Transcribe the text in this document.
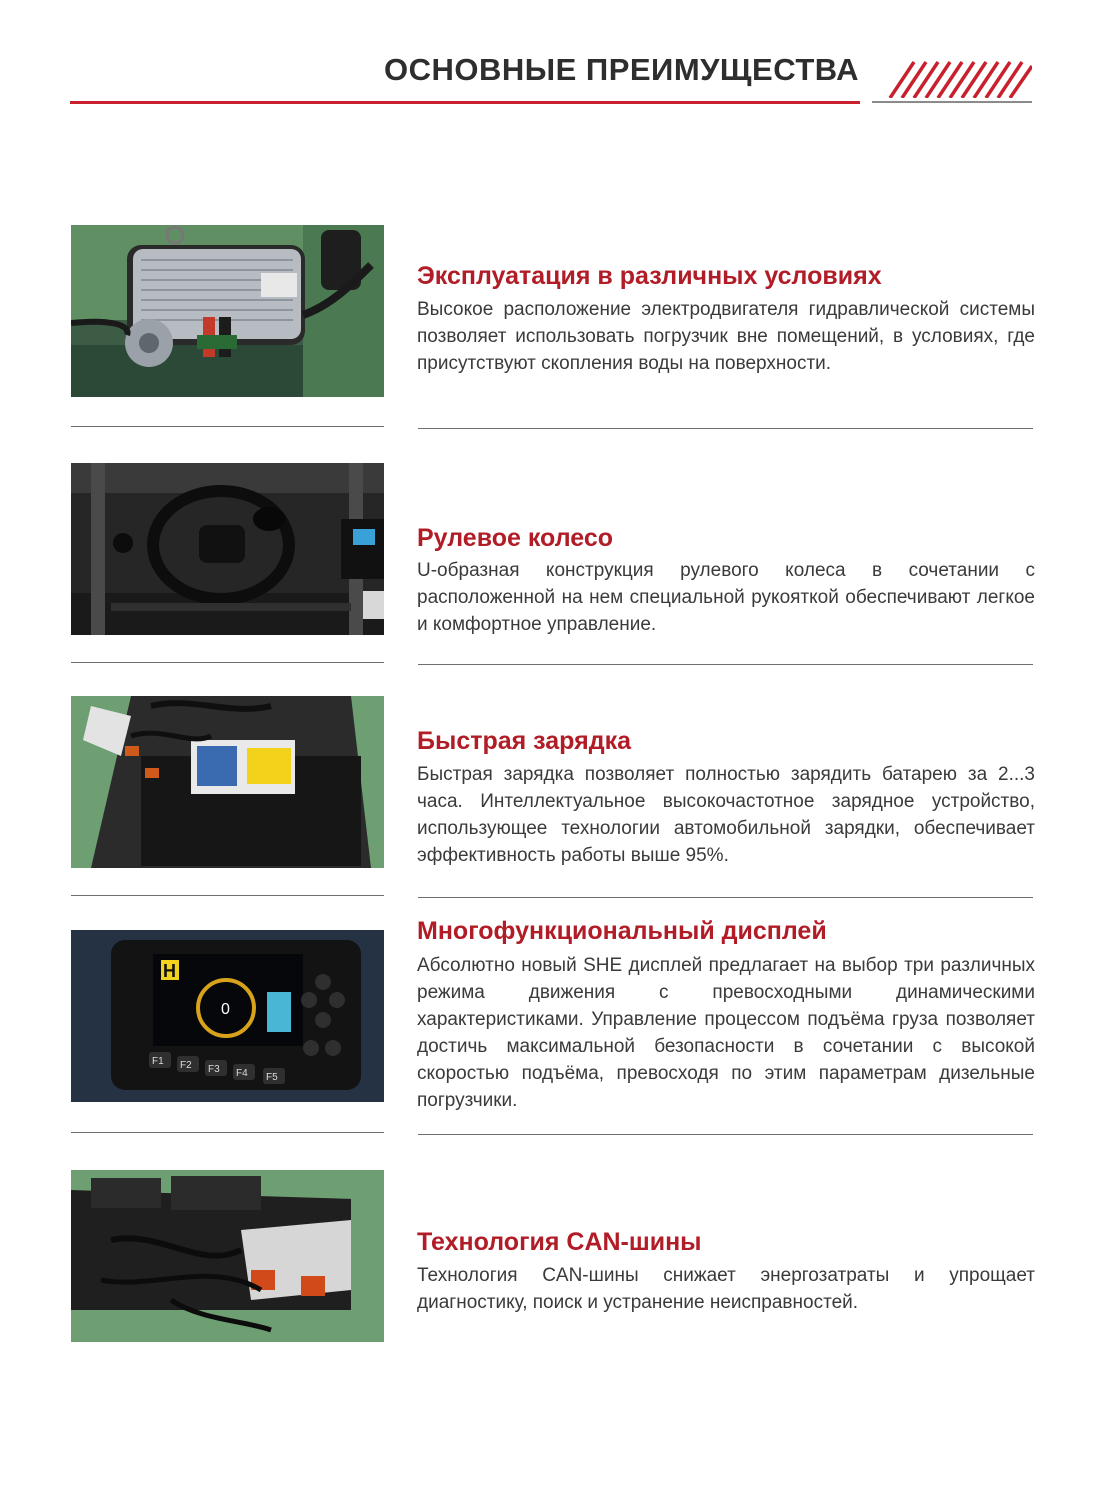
ОСНОВНЫЕ ПРЕИМУЩЕСТВА
Эксплуатация в различных условиях
Высокое расположение электродвигателя гидравлической системы позволяет использовать погрузчик вне помещений, в условиях, где присутствуют скопления воды на поверхности.
Рулевое колесо
U-образная конструкция рулевого колеса в сочетании с расположенной на нем специальной рукояткой обеспечивают легкое и комфортное управление.
Быстрая зарядка
Быстрая зарядка позволяет полностью зарядить батарею за 2...3 часа. Интеллектуальное высокочастотное зарядное устройство, использующее технологии автомобильной зарядки, обеспечивает эффективность работы выше 95%.
H
0
F1 F2 F3 F4 F5
Многофункциональный дисплей
Абсолютно новый SHE дисплей предлагает на выбор три различных режима движения с превосходными динамическими характеристиками. Управление процессом подъёма груза позволяет достичь максимальной безопасности в сочетании с высокой скоростью подъёма, превосходя по этим параметрам дизельные погрузчики.
Технология CAN-шины
Технология CAN-шины снижает энергозатраты и упрощает диагностику, поиск и устранение неисправностей.
